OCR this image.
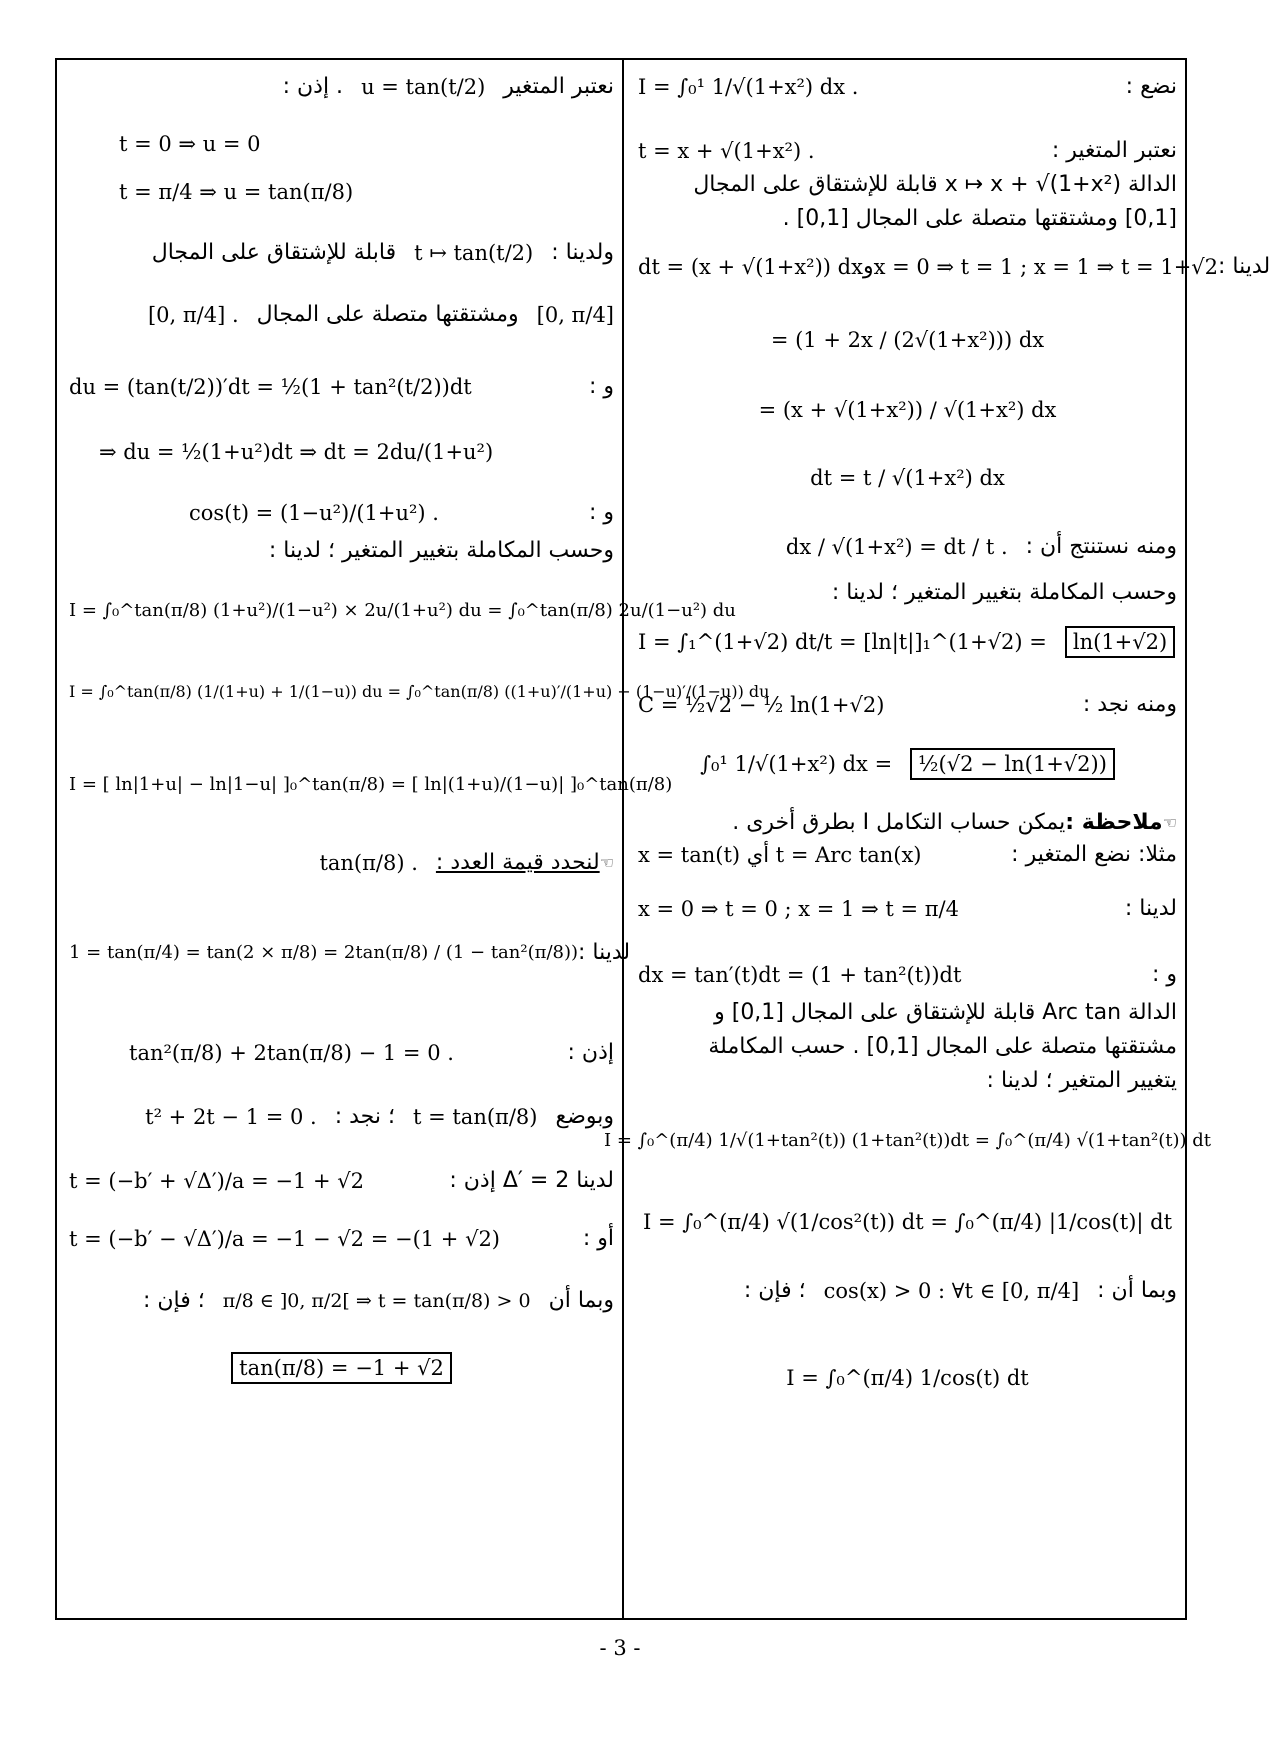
I = ∫₀¹ 1/√(1+x²) dx .	نضع :
t = x + √(1+x²) .	نعتبر المتغير :
الدالة x ↦ x + √(1+x²) قابلة للإشتقاق على المجال
[0,1] ومشتقتها متصلة على المجال [0,1] .
dt = (x + √(1+x²)) dx و x = 0 ⇒ t = 1 ; x = 1 ⇒ t = 1+√2 لدينا :
= (1 + 2x / (2√(1+x²))) dx
= (x + √(1+x²)) / √(1+x²) dx
dt = t / √(1+x²) dx
dx / √(1+x²) = dt / t . ومنه نستنتج أن :
وحسب المكاملة بتغيير المتغير ؛ لدينا :
I = ∫₁^(1+√2) dt/t = [ln|t|]₁^(1+√2) =	ln(1+√2)
C = ½√2 − ½ ln(1+√2)	ومنه نجد :
∫₀¹ 1/√(1+x²) dx =	½(√2 − ln(1+√2))
يمكن حساب التكامل I بطرق أخرى . ملاحظة : ☜
x = tan(t) أي t = Arc tan(x)	مثلا: نضع المتغير :
x = 0 ⇒ t = 0 ; x = 1 ⇒ t = π/4	لدينا :
dx = tan′(t)dt = (1 + tan²(t))dt	و :
الدالة Arc tan قابلة للإشتقاق على المجال [0,1] و
مشتقتها متصلة على المجال [0,1] . حسب المكاملة
يتغيير المتغير ؛ لدينا :
I = ∫₀^(π/4) 1/√(1+tan²(t)) (1+tan²(t))dt = ∫₀^(π/4) √(1+tan²(t)) dt
I = ∫₀^(π/4) √(1/cos²(t)) dt = ∫₀^(π/4) |1/cos(t)| dt
؛ فإن : cos(x) > 0 : ∀t ∈ [0, π/4] وبما أن :
I = ∫₀^(π/4) 1/cos(t) dt
. إذن : u = tan(t/2) نعتبر المتغير
t = 0 ⇒ u = 0
t = π/4 ⇒ u = tan(π/8)
قابلة للإشتقاق على المجال t ↦ tan(t/2) ولدينا :
[0, π/4] . ومشتقتها متصلة على المجال [0, π/4]
du = (tan(t/2))′dt = ½(1 + tan²(t/2))dt	و :
⇒ du = ½(1+u²)dt ⇒ dt = 2du/(1+u²)
cos(t) = (1−u²)/(1+u²) .	و :
وحسب المكاملة بتغيير المتغير ؛ لدينا :
I = ∫₀^tan(π/8) (1+u²)/(1−u²) × 2u/(1+u²) du = ∫₀^tan(π/8) 2u/(1−u²) du
I = ∫₀^tan(π/8) (1/(1+u) + 1/(1−u)) du = ∫₀^tan(π/8) ((1+u)′/(1+u) − (1−u)′/(1−u)) du
I = [ ln|1+u| − ln|1−u| ]₀^tan(π/8) = [ ln|(1+u)/(1−u)| ]₀^tan(π/8)
tan(π/8) . لنحدد قيمة العدد : ☜
1 = tan(π/4) = tan(2 × π/8) = 2tan(π/8) / (1 − tan²(π/8)) لدينا :
tan²(π/8) + 2tan(π/8) − 1 = 0 .	إذن :
t² + 2t − 1 = 0 . ؛ نجد : t = tan(π/8) وبوضع
t = (−b′ + √Δ′)/a = −1 + √2	لدينا Δ′ = 2 إذن :
t = (−b′ − √Δ′)/a = −1 − √2 = −(1 + √2)	أو :
؛ فإن : π/8 ∈ ]0, π/2[ ⇒ t = tan(π/8) > 0 وبما أن
tan(π/8) = −1 + √2
- 3 -
